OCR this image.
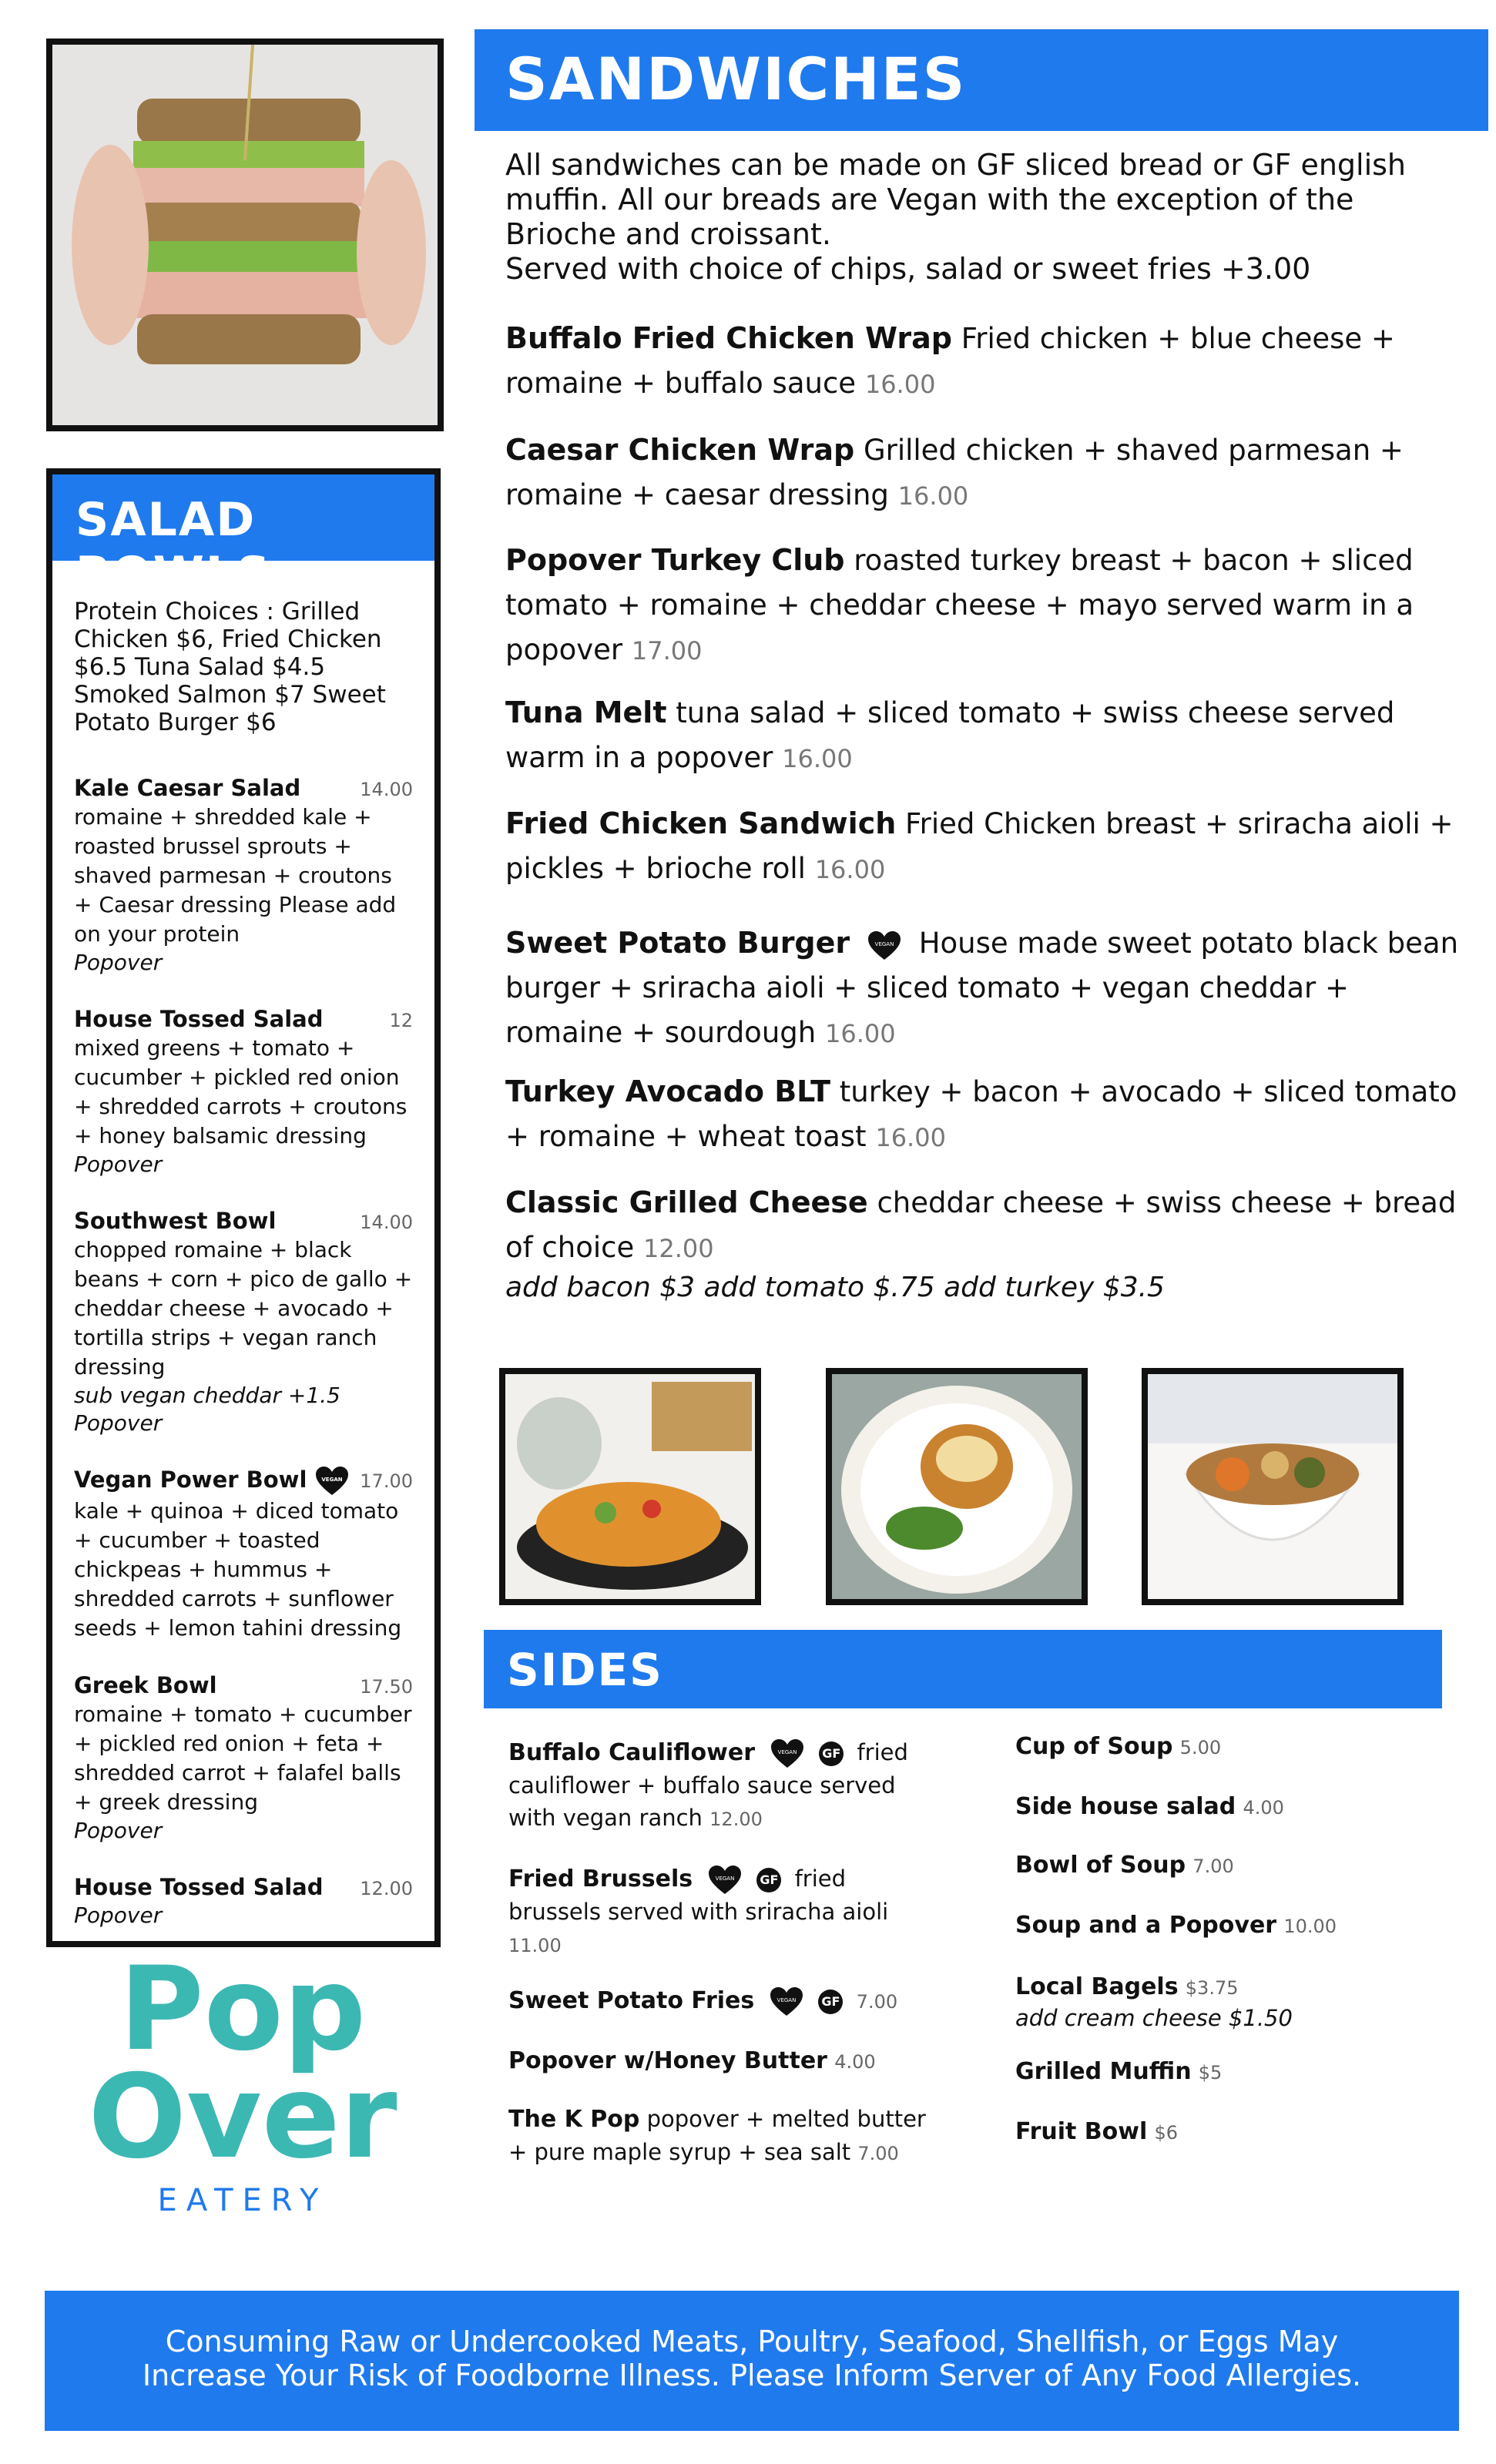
SALAD BOWLS
Protein Choices : Grilled Chicken $6, Fried Chicken $6.5 Tuna Salad $4.5 Smoked Salmon $7 Sweet Potato Burger $6
Kale Caesar Salad	14.00
romaine + shredded kale + roasted brussel sprouts + shaved parmesan + croutons + Caesar dressing Please add on your protein
Popover
House Tossed Salad	12
mixed greens + tomato + cucumber + pickled red onion + shredded carrots + croutons + honey balsamic dressing
Popover
Southwest Bowl	14.00
chopped romaine + black beans + corn + pico de gallo + cheddar cheese + avocado + tortilla strips + vegan ranch dressing
sub vegan cheddar +1.5
Popover
Vegan Power Bowl	VEGAN 17.00
kale + quinoa + diced tomato + cucumber + toasted chickpeas + hummus + shredded carrots + sunflower seeds + lemon tahini dressing
Greek Bowl	17.50
romaine + tomato + cucumber + pickled red onion + feta + shredded carrot + falafel balls + greek dressing
Popover
House Tossed Salad 12.00
Popover
SANDWICHES
All sandwiches can be made on GF sliced bread or GF english muffin. All our breads are Vegan with the exception of the Brioche and croissant.
Served with choice of chips, salad or sweet fries +3.00
Buffalo Fried Chicken Wrap Fried chicken + blue cheese + romaine + buffalo sauce 16.00
Caesar Chicken Wrap Grilled chicken + shaved parmesan + romaine + caesar dressing 16.00
Popover Turkey Club roasted turkey breast + bacon + sliced tomato + romaine + cheddar cheese + mayo served warm in a popover 17.00
Tuna Melt tuna salad + sliced tomato + swiss cheese served warm in a popover 16.00
Fried Chicken Sandwich Fried Chicken breast + sriracha aioli + pickles + brioche roll 16.00
Sweet Potato Burger	VEGAN House made sweet potato black bean burger + sriracha aioli + sliced tomato + vegan cheddar + romaine + sourdough 16.00
Turkey Avocado BLT turkey + bacon + avocado + sliced tomato + romaine + wheat toast 16.00
Classic Grilled Cheese cheddar cheese + swiss cheese + bread of choice 12.00
add bacon $3 add tomato $.75 add turkey $3.5
SIDES
Buffalo Cauliflower	VEGAN GF fried cauliflower + buffalo sauce served with vegan ranch 12.00
Fried Brussels	VEGAN GF fried brussels served with sriracha aioli 11.00
Sweet Potato Fries	VEGAN GF 7.00
Popover w/Honey Butter 4.00
The K Pop popover + melted butter + pure maple syrup + sea salt 7.00
Cup of Soup 5.00
Side house salad 4.00
Bowl of Soup 7.00
Soup and a Popover 10.00
Local Bagels $3.75
add cream cheese $1.50
Grilled Muffin $5
Fruit Bowl $6
Pop
Over
EATERY
Consuming Raw or Undercooked Meats, Poultry, Seafood, Shellfish, or Eggs May
Increase Your Risk of Foodborne Illness. Please Inform Server of Any Food Allergies.
